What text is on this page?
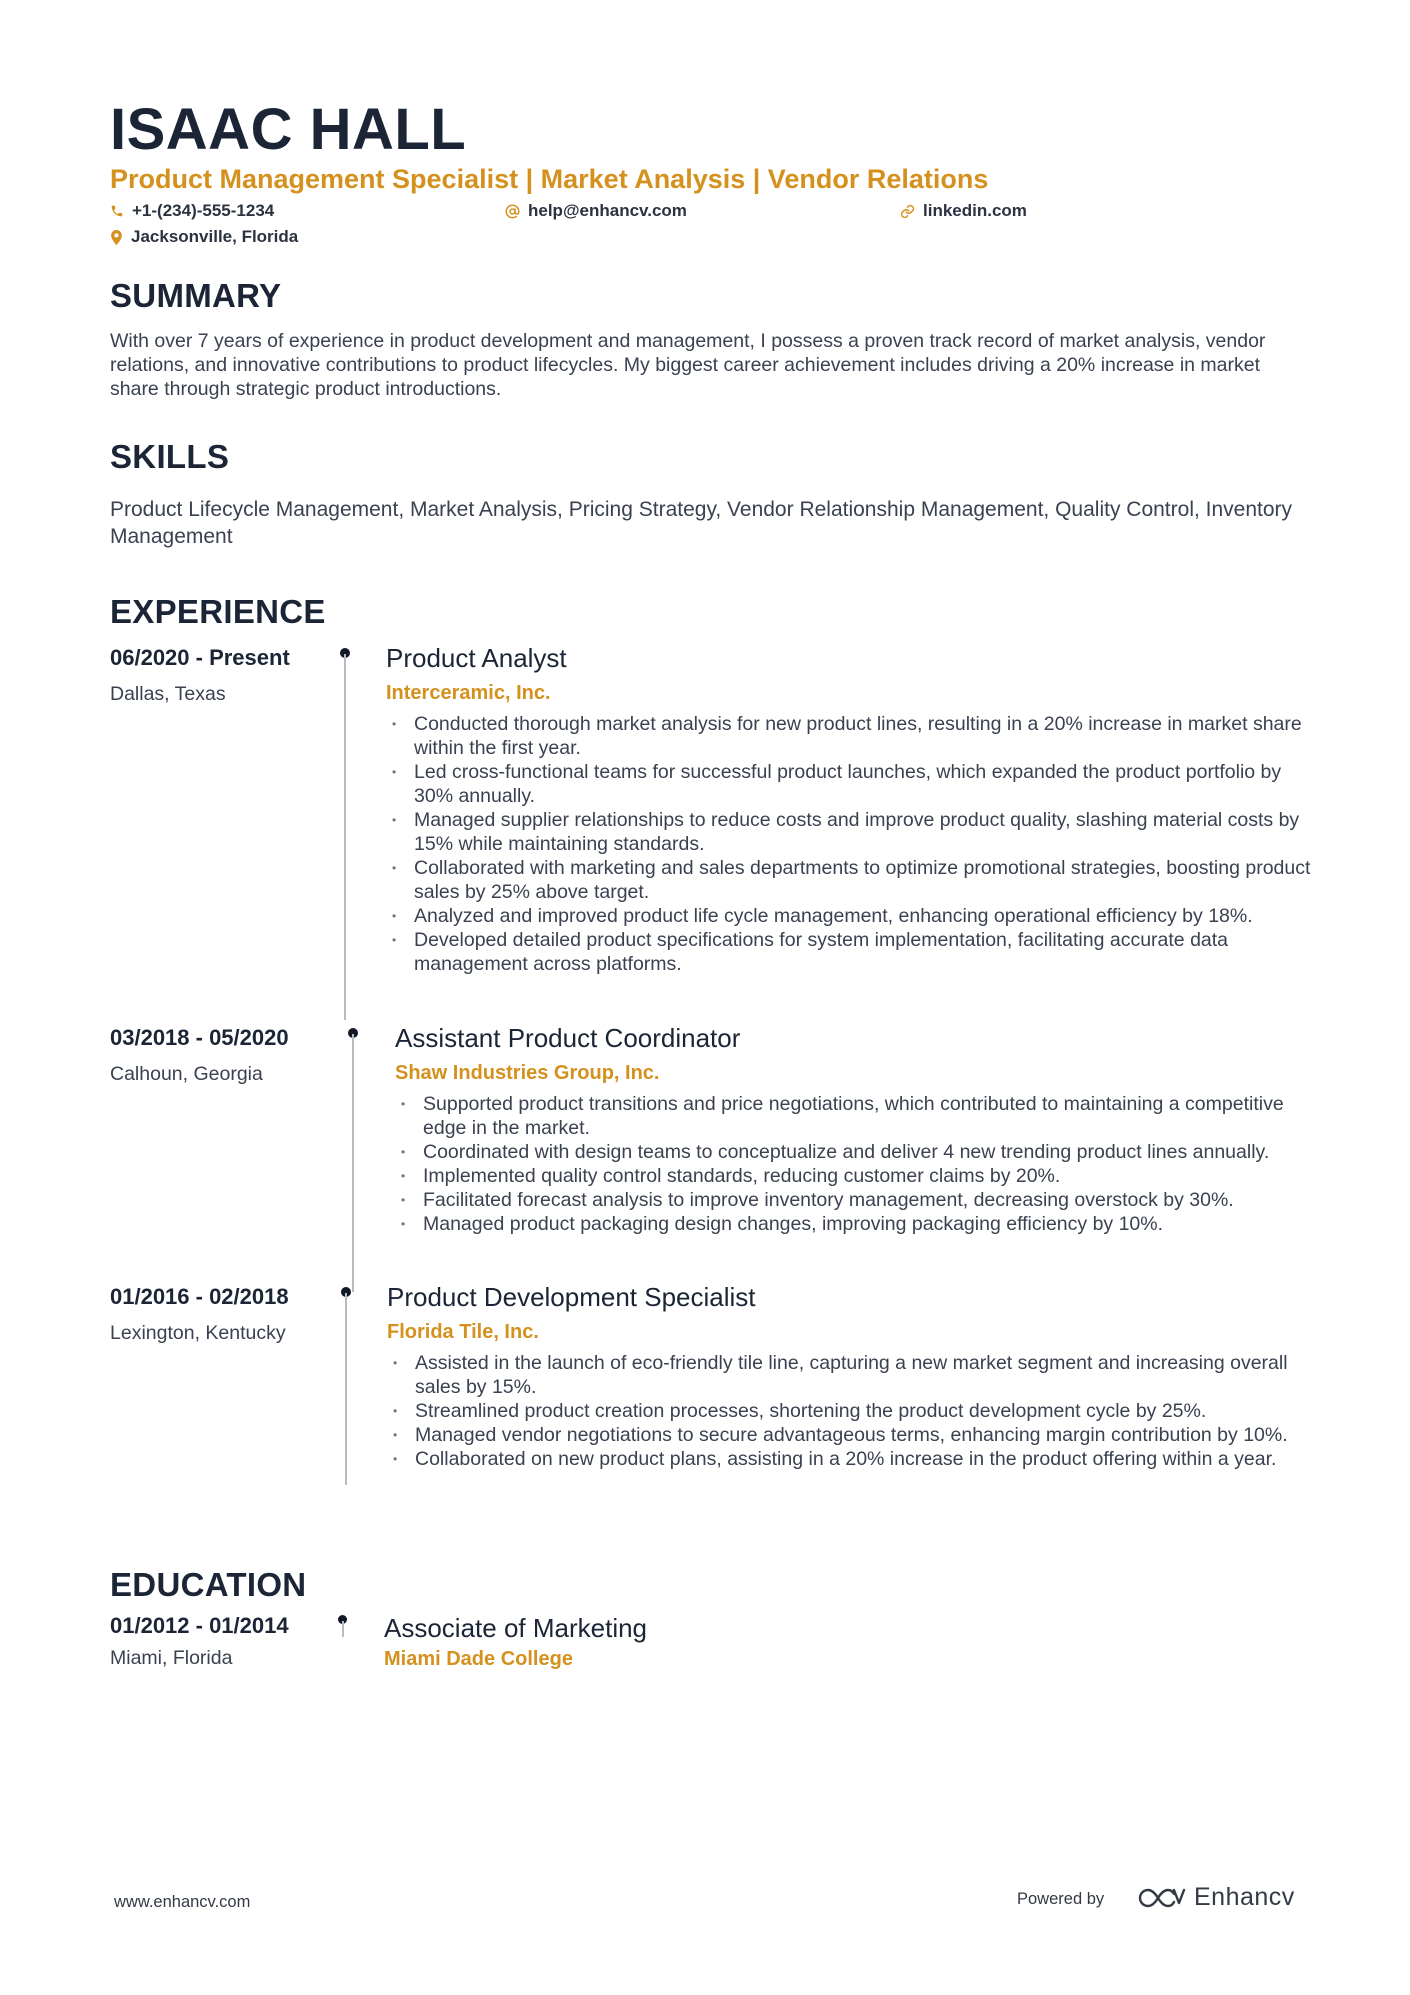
ISAAC HALL
Product Management Specialist | Market Analysis | Vendor Relations
+1-(234)-555-1234	help@enhancv.com	linkedin.com
Jacksonville, Florida
SUMMARY
With over 7 years of experience in product development and management, I possess a proven track record of market analysis, vendor relations, and innovative contributions to product lifecycles. My biggest career achievement includes driving a 20% increase in market share through strategic product introductions.
SKILLS
Product Lifecycle Management, Market Analysis, Pricing Strategy, Vendor Relationship Management, Quality Control, Inventory Management
EXPERIENCE
06/2020 - Present
Dallas, Texas
Product Analyst
Interceramic, Inc.
• Conducted thorough market analysis for new product lines, resulting in a 20% increase in market share within the first year.
• Led cross-functional teams for successful product launches, which expanded the product portfolio by 30% annually.
• Managed supplier relationships to reduce costs and improve product quality, slashing material costs by 15% while maintaining standards.
• Collaborated with marketing and sales departments to optimize promotional strategies, boosting product sales by 25% above target.
• Analyzed and improved product life cycle management, enhancing operational efficiency by 18%.
• Developed detailed product specifications for system implementation, facilitating accurate data management across platforms.
03/2018 - 05/2020
Calhoun, Georgia
Assistant Product Coordinator
Shaw Industries Group, Inc.
• Supported product transitions and price negotiations, which contributed to maintaining a competitive edge in the market.
• Coordinated with design teams to conceptualize and deliver 4 new trending product lines annually.
• Implemented quality control standards, reducing customer claims by 20%.
• Facilitated forecast analysis to improve inventory management, decreasing overstock by 30%.
• Managed product packaging design changes, improving packaging efficiency by 10%.
01/2016 - 02/2018
Lexington, Kentucky
Product Development Specialist
Florida Tile, Inc.
• Assisted in the launch of eco-friendly tile line, capturing a new market segment and increasing overall sales by 15%.
• Streamlined product creation processes, shortening the product development cycle by 25%.
• Managed vendor negotiations to secure advantageous terms, enhancing margin contribution by 10%.
• Collaborated on new product plans, assisting in a 20% increase in the product offering within a year.
EDUCATION
01/2012 - 01/2014
Miami, Florida
Associate of Marketing
Miami Dade College
www.enhancv.com	Powered by	Enhancv
